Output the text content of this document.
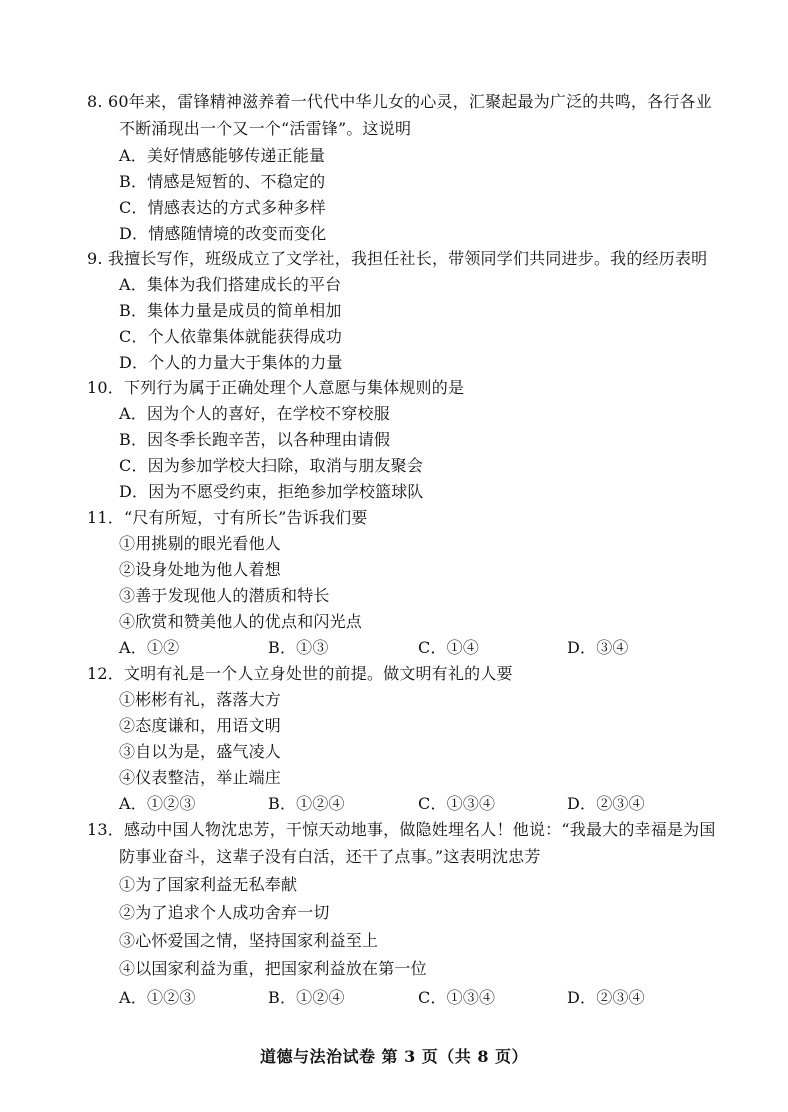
8. 60年来，雷锋精神滋养着一代代中华儿女的心灵，汇聚起最为广泛的共鸣，各行各业
不断涌现出一个又一个“活雷锋”。这说明
A．美好情感能够传递正能量
B．情感是短暂的、不稳定的
C．情感表达的方式多种多样
D．情感随情境的改变而变化
9. 我擅长写作，班级成立了文学社，我担任社长，带领同学们共同进步。我的经历表明
A．集体为我们搭建成长的平台
B．集体力量是成员的简单相加
C．个人依靠集体就能获得成功
D．个人的力量大于集体的力量
10．下列行为属于正确处理个人意愿与集体规则的是
A．因为个人的喜好，在学校不穿校服
B．因冬季长跑辛苦，以各种理由请假
C．因为参加学校大扫除，取消与朋友聚会
D．因为不愿受约束，拒绝参加学校篮球队
11．“尺有所短，寸有所长”告诉我们要
①用挑剔的眼光看他人
②设身处地为他人着想
③善于发现他人的潜质和特长
④欣赏和赞美他人的优点和闪光点
A．①②	B．①③	C．①④	D．③④
12．文明有礼是一个人立身处世的前提。做文明有礼的人要
①彬彬有礼，落落大方
②态度谦和，用语文明
③自以为是，盛气凌人
④仪表整洁，举止端庄
A．①②③	B．①②④	C．①③④	D．②③④
13．感动中国人物沈忠芳，干惊天动地事，做隐姓埋名人！他说：“我最大的幸福是为国
防事业奋斗，这辈子没有白活，还干了点事。”这表明沈忠芳
①为了国家利益无私奉献
②为了追求个人成功舍弃一切
③心怀爱国之情，坚持国家利益至上
④以国家利益为重，把国家利益放在第一位
A．①②③	B．①②④	C．①③④	D．②③④
道德与法治试卷 第 3 页（共 8 页）
